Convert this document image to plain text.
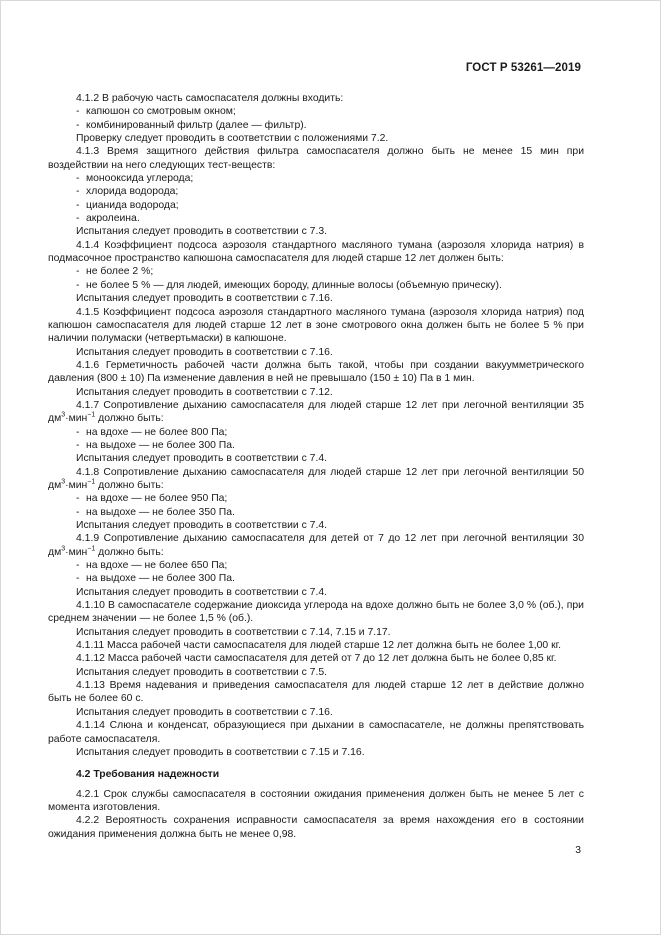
ГОСТ Р 53261—2019

4.1.2 В рабочую часть самоспасателя должны входить:

- капюшон со смотровым окном;

- комбинированный фильтр (далее — фильтр).

Проверку следует проводить в соответствии с положениями 7.2.

4.1.3 Время защитного действия фильтра самоспасателя должно быть не менее 15 мин при воздействии на него следующих тест-веществ:

- монооксида углерода;

- хлорида водорода;

- цианида водорода;

- акролеина.

Испытания следует проводить в соответствии с 7.3.

4.1.4 Коэффициент подсоса аэрозоля стандартного масляного тумана (аэрозоля хлорида натрия) в подмасочное пространство капюшона самоспасателя для людей старше 12 лет должен быть:

- не более 2 %;

- не более 5 % — для людей, имеющих бороду, длинные волосы (объемную прическу).

Испытания следует проводить в соответствии с 7.16.

4.1.5 Коэффициент подсоса аэрозоля стандартного масляного тумана (аэрозоля хлорида натрия) под капюшон самоспасателя для людей старше 12 лет в зоне смотрового окна должен быть не более 5 % при наличии полумаски (четвертьмаски) в капюшоне.

Испытания следует проводить в соответствии с 7.16.

4.1.6 Герметичность рабочей части должна быть такой, чтобы при создании вакуумметрического давления (800 ± 10) Па изменение давления в ней не превышало (150 ± 10) Па в 1 мин.

Испытания следует проводить в соответствии с 7.12.

4.1.7 Сопротивление дыханию самоспасателя для людей старше 12 лет при легочной вентиляции 35 $дм^3\cdot мин^{-1}$ должно быть:

- на вдохе — не более 800 Па;

- на выдохе — не более 300 Па.

Испытания следует проводить в соответствии с 7.4.

4.1.8 Сопротивление дыханию самоспасателя для людей старше 12 лет при легочной вентиляции 50 $дм^3\cdot мин^{-1}$ должно быть:

- на вдохе — не более 950 Па;

- на выдохе — не более 350 Па.

Испытания следует проводить в соответствии с 7.4.

4.1.9 Сопротивление дыханию самоспасателя для детей от 7 до 12 лет при легочной вентиляции 30 $дм^3\cdot мин^{-1}$ должно быть:

- на вдохе — не более 650 Па;

- на выдохе — не более 300 Па.

Испытания следует проводить в соответствии с 7.4.

4.1.10 В самоспасателе содержание диоксида углерода на вдохе должно быть не более 3,0 % (об.), при среднем значении — не более 1,5 % (об.).

Испытания следует проводить в соответствии с 7.14, 7.15 и 7.17.

4.1.11 Масса рабочей части самоспасателя для людей старше 12 лет должна быть не более 1,00 кг.

4.1.12 Масса рабочей части самоспасателя для детей от 7 до 12 лет должна быть не более 0,85 кг.

Испытания следует проводить в соответствии с 7.5.

4.1.13 Время надевания и приведения самоспасателя для людей старше 12 лет в действие должно быть не более 60 с.

Испытания следует проводить в соответствии с 7.16.

4.1.14 Слюна и конденсат, образующиеся при дыхании в самоспасателе, не должны препятствовать работе самоспасателя.

Испытания следует проводить в соответствии с 7.15 и 7.16.

4.2 Требования надежности

4.2.1 Срок службы самоспасателя в состоянии ожидания применения должен быть не менее 5 лет с момента изготовления.

4.2.2 Вероятность сохранения исправности самоспасателя за время нахождения его в состоянии ожидания применения должна быть не менее 0,98.

3
